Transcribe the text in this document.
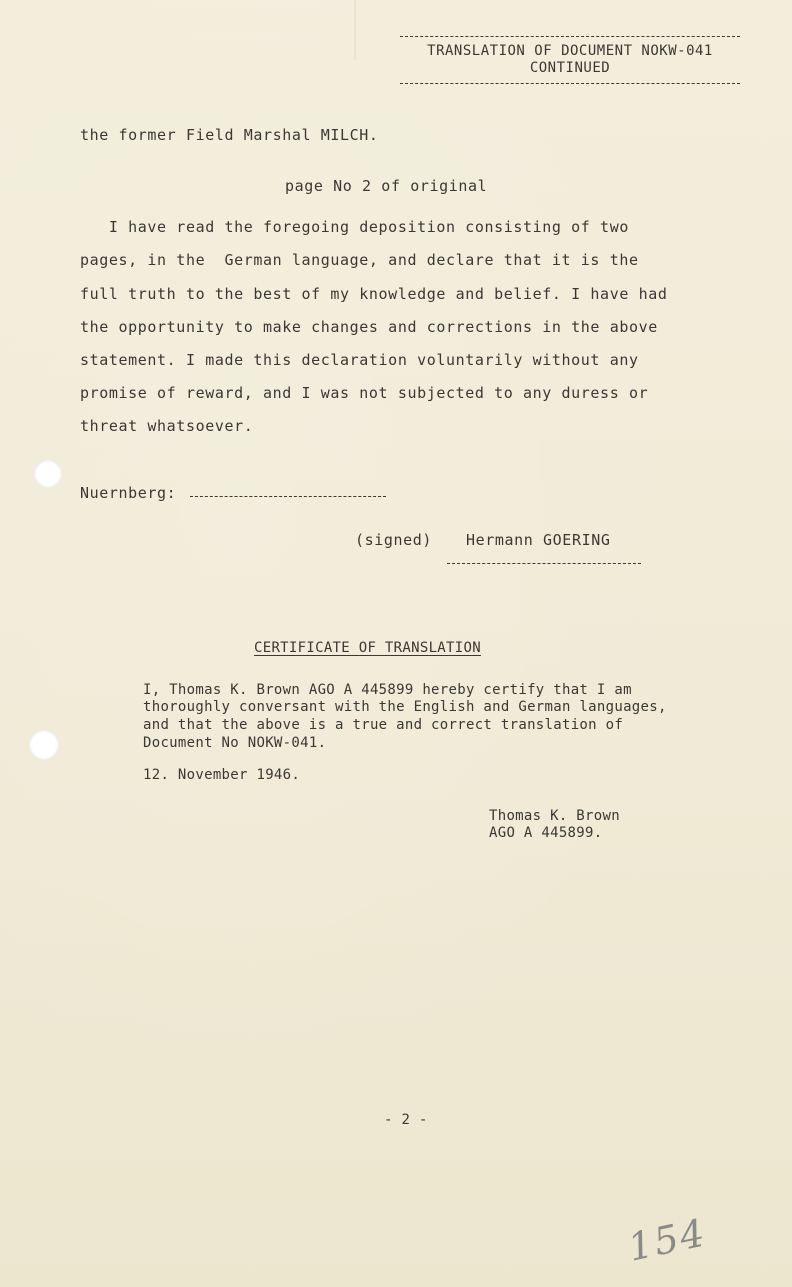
TRANSLATION OF DOCUMENT NOKW-041
CONTINUED
the former Field Marshal MILCH.
page No 2 of original
I have read the foregoing deposition consisting of two
pages, in the  German language, and declare that it is the
full truth to the best of my knowledge and belief. I have had
the opportunity to make changes and corrections in the above
statement. I made this declaration voluntarily without any
promise of reward, and I was not subjected to any duress or
threat whatsoever.
Nuernberg:
(signed) Hermann GOERING
CERTIFICATE OF TRANSLATION
I, Thomas K. Brown AGO A 445899 hereby certify that I am
thoroughly conversant with the English and German languages,
and that the above is a true and correct translation of
Document No NOKW-041.
12. November 1946.
Thomas K. Brown
AGO A 445899.
- 2 -
154
